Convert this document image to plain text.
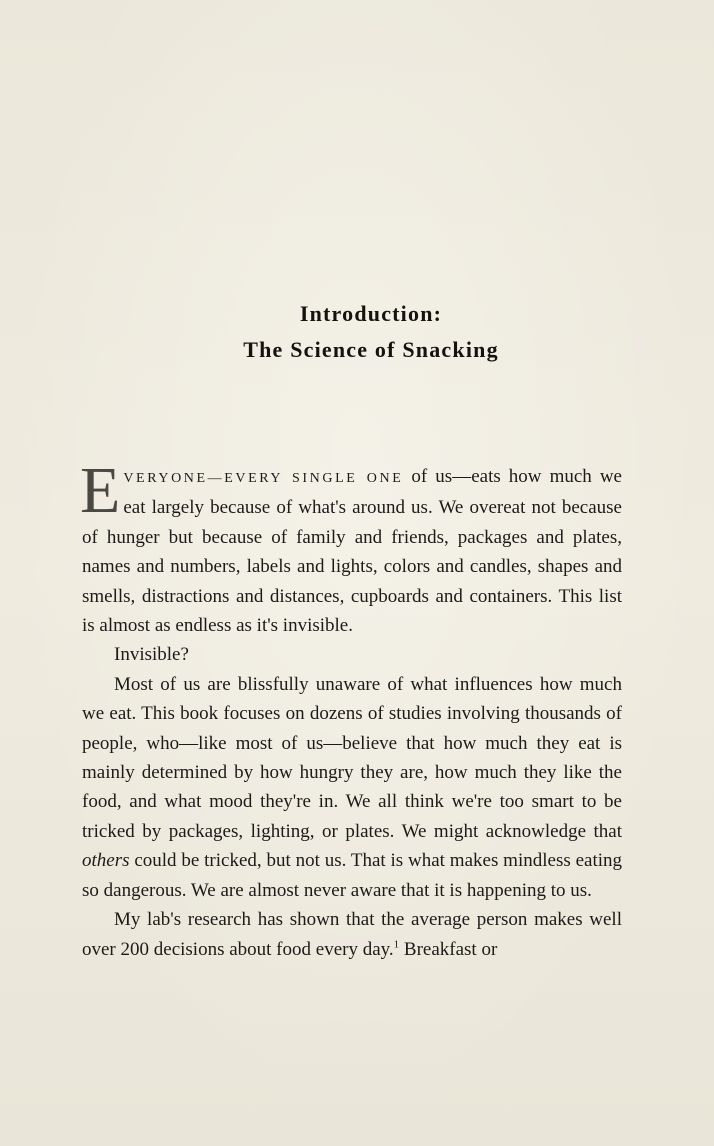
Introduction:
The Science of Snacking

EVERYONE—EVERY SINGLE ONE of us—eats how much we eat largely because of what's around us. We overeat not because of hunger but because of family and friends, packages and plates, names and numbers, labels and lights, colors and candles, shapes and smells, distractions and distances, cupboards and containers. This list is almost as endless as it's invisible.

Invisible?

Most of us are blissfully unaware of what influences how much we eat. This book focuses on dozens of studies involving thousands of people, who—like most of us—believe that how much they eat is mainly determined by how hungry they are, how much they like the food, and what mood they're in. We all think we're too smart to be tricked by packages, lighting, or plates. We might acknowledge that others could be tricked, but not us. That is what makes mindless eating so dangerous. We are almost never aware that it is happening to us.

My lab's research has shown that the average person makes well over 200 decisions about food every day.$^1$ Breakfast or
